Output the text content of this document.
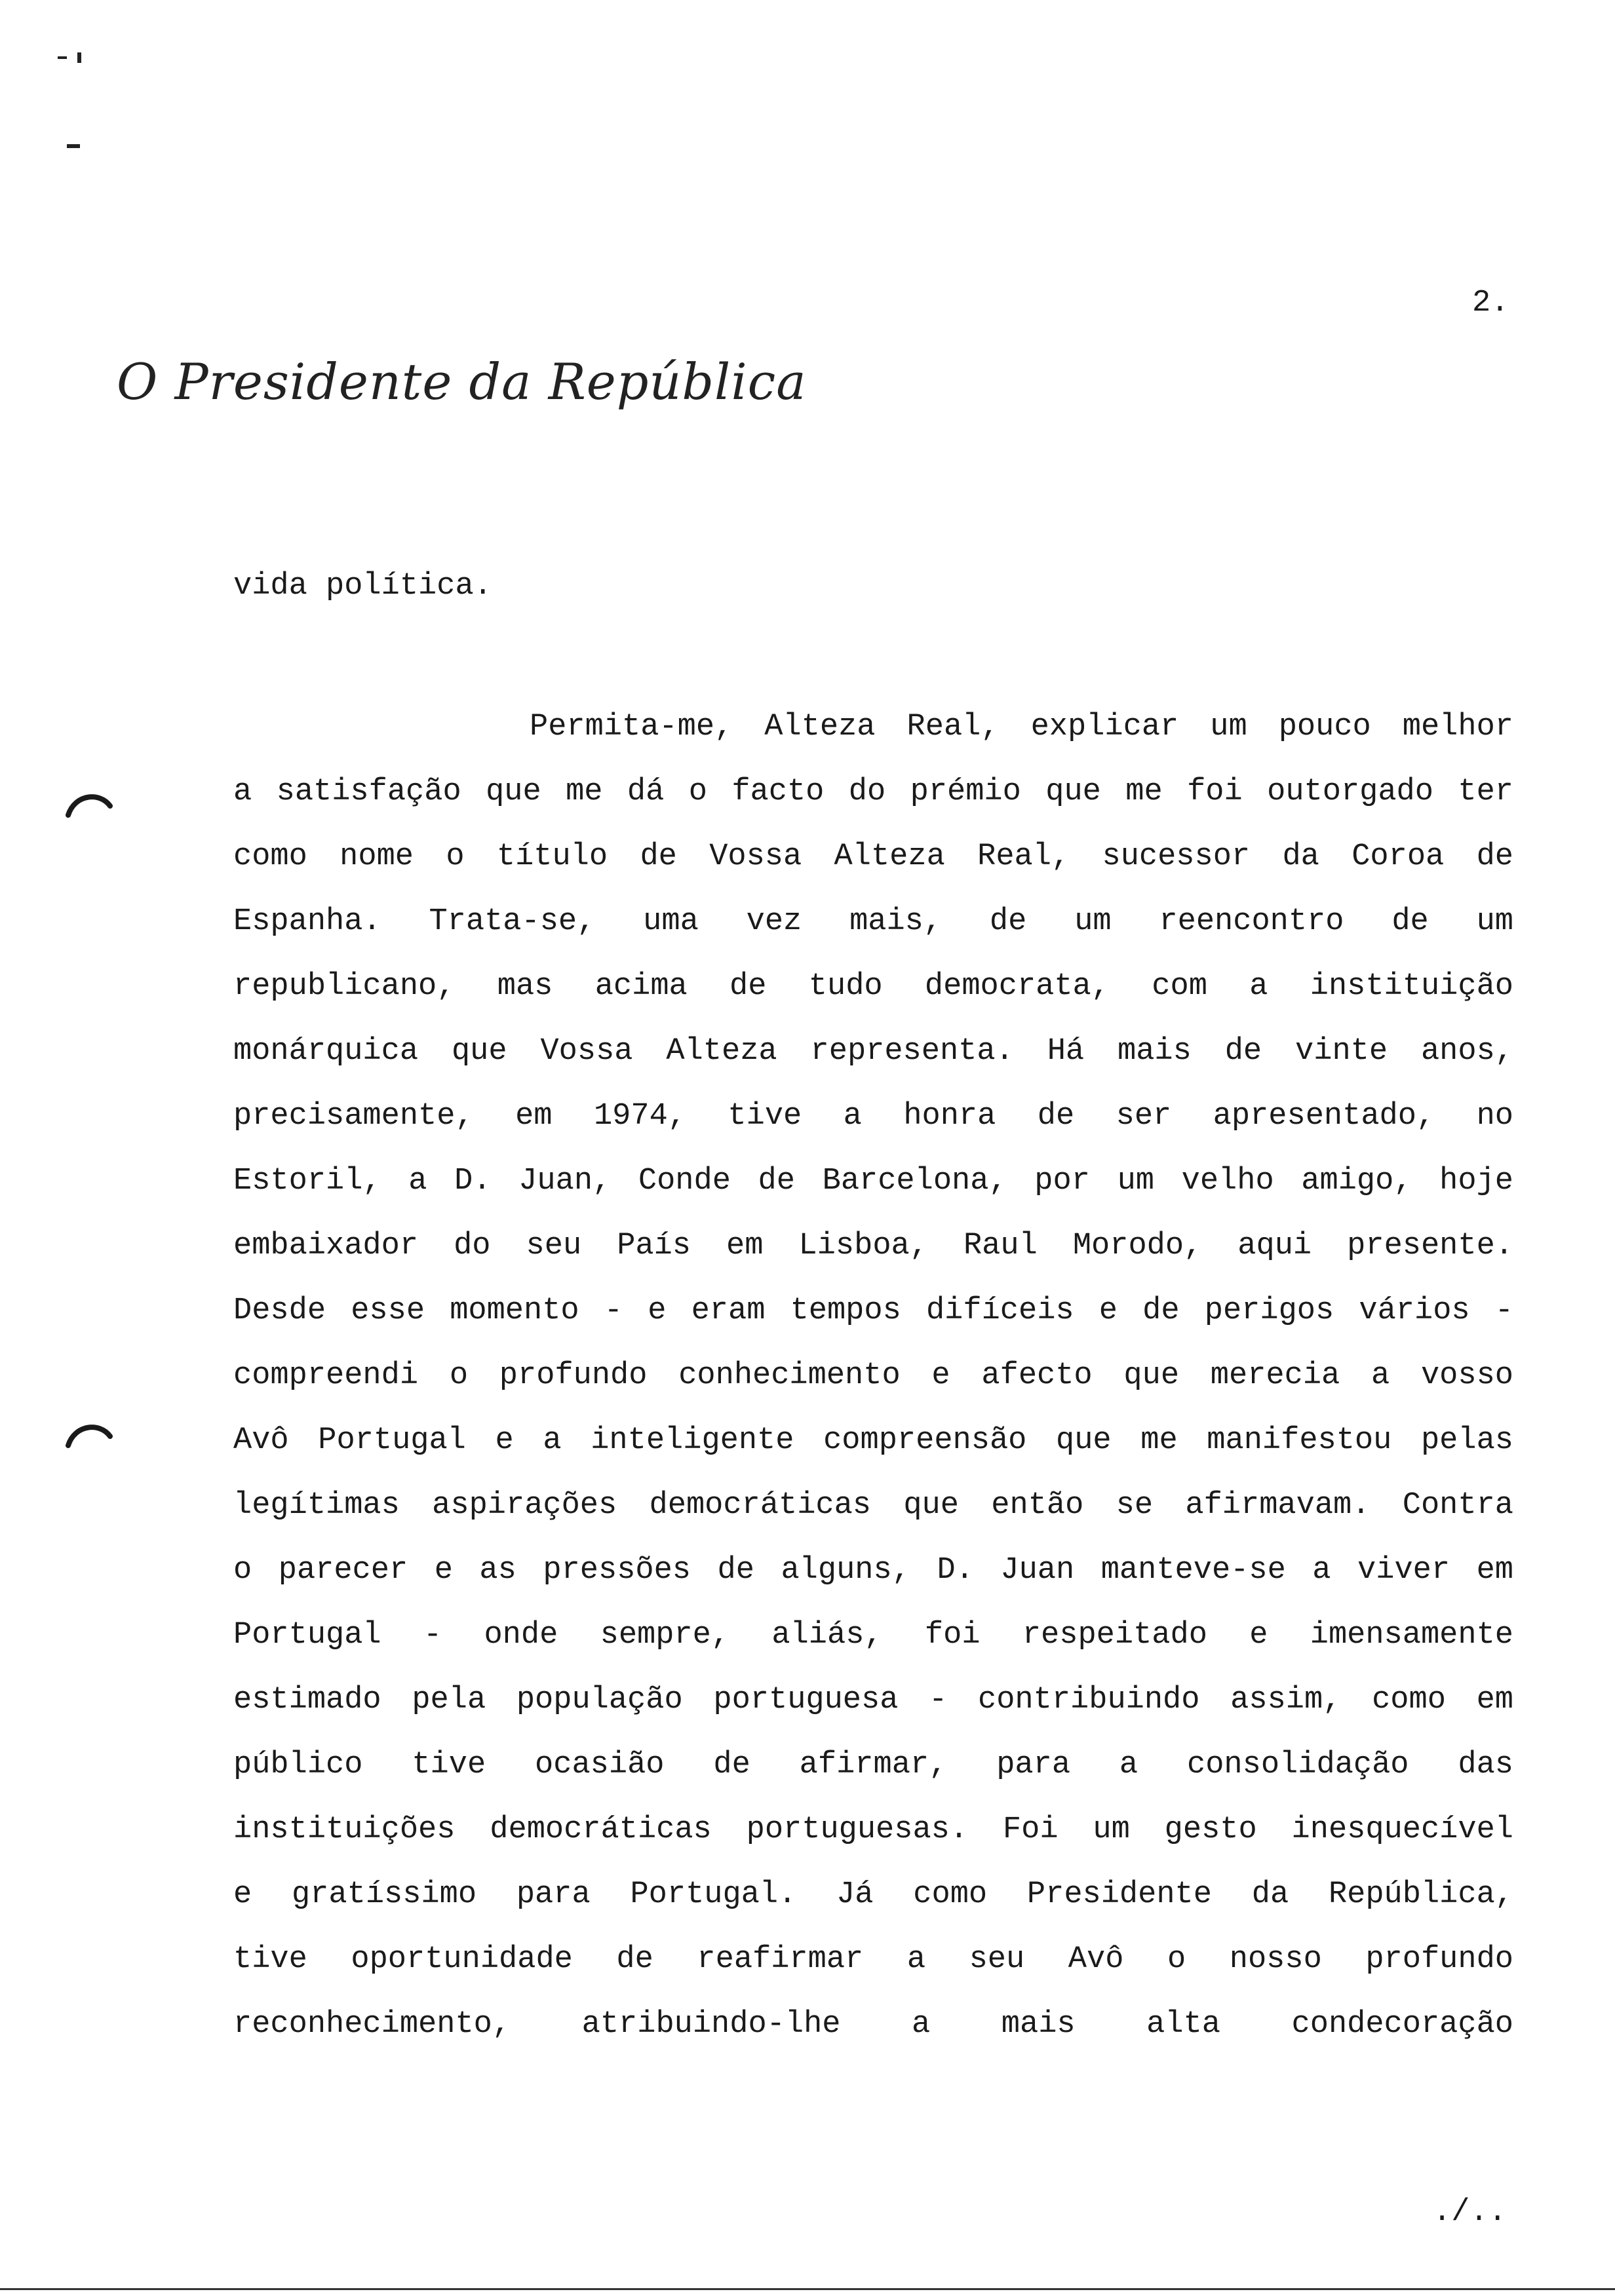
2.
O Presidente da República
vida política.
Permita-me, Alteza Real, explicar um pouco melhor
a satisfação que me dá o facto do prémio que me foi outorgado ter
como nome o título de Vossa Alteza Real, sucessor da Coroa de
Espanha. Trata-se, uma vez mais, de um reencontro de um
republicano, mas acima de tudo democrata, com a instituição
monárquica que Vossa Alteza representa. Há mais de vinte anos,
precisamente, em 1974, tive a honra de ser apresentado, no
Estoril, a D. Juan, Conde de Barcelona, por um velho amigo, hoje
embaixador do seu País em Lisboa, Raul Morodo, aqui presente.
Desde esse momento - e eram tempos difíceis e de perigos vários -
compreendi o profundo conhecimento e afecto que merecia a vosso
Avô Portugal e a inteligente compreensão que me manifestou pelas
legítimas aspirações democráticas que então se afirmavam. Contra
o parecer e as pressões de alguns, D. Juan manteve-se a viver em
Portugal - onde sempre, aliás, foi respeitado e imensamente
estimado pela população portuguesa - contribuindo assim, como em
público tive ocasião de afirmar, para a consolidação das
instituições democráticas portuguesas. Foi um gesto inesquecível
e gratíssimo para Portugal. Já como Presidente da República,
tive oportunidade de reafirmar a seu Avô o nosso profundo
reconhecimento, atribuindo-lhe a mais alta condecoração
./..
